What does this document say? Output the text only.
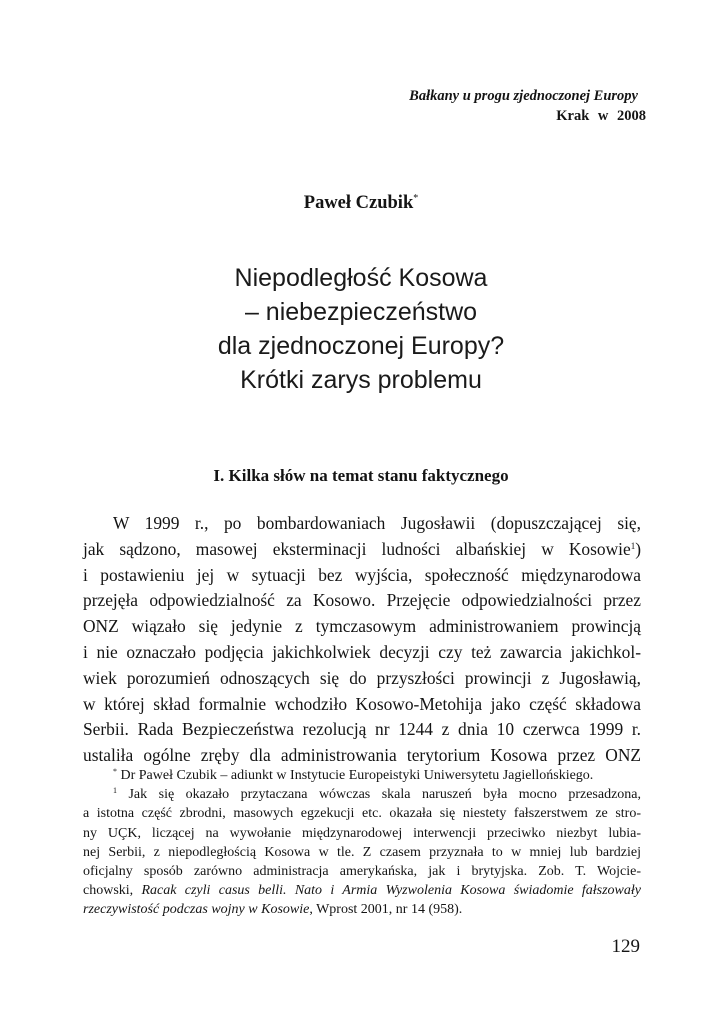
Bałkany u progu zjednoczonej Europy
Krak w 2008
Paweł Czubik*
Niepodległość Kosowa
– niebezpieczeństwo
dla zjednoczonej Europy?
Krótki zarys problemu
I. Kilka słów na temat stanu faktycznego
W 1999 r., po bombardowaniach Jugosławii (dopuszczającej się,
jak sądzono, masowej eksterminacji ludności albańskiej w Kosowie$^1$)
i postawieniu jej w sytuacji bez wyjścia, społeczność międzynarodowa
przejęła odpowiedzialność za Kosowo. Przejęcie odpowiedzialności przez
ONZ wiązało się jedynie z tymczasowym administrowaniem prowincją
i nie oznaczało podjęcia jakichkolwiek decyzji czy też zawarcia jakichkol-
wiek porozumień odnoszących się do przyszłości prowincji z Jugosławią,
w której skład formalnie wchodziło Kosowo-Metohija jako część składowa
Serbii. Rada Bezpieczeństwa rezolucją nr 1244 z dnia 10 czerwca 1999 r.
ustaliła ogólne zręby dla administrowania terytorium Kosowa przez ONZ
* Dr Paweł Czubik – adiunkt w Instytucie Europeistyki Uniwersytetu Jagiellońskiego.
$^1$ Jak się okazało przytaczana wówczas skala naruszeń była mocno przesadzona,
a istotna część zbrodni, masowych egzekucji etc. okazała się niestety fałszerstwem ze stro-
ny UÇK, liczącej na wywołanie międzynarodowej interwencji przeciwko niezbyt lubia-
nej Serbii, z niepodległością Kosowa w tle. Z czasem przyznała to w mniej lub bardziej
oficjalny sposób zarówno administracja amerykańska, jak i brytyjska. Zob. T. Wojcie-
chowski, Racak czyli casus belli. Nato i Armia Wyzwolenia Kosowa świadomie fałszowały
rzeczywistość podczas wojny w Kosowie, Wprost 2001, nr 14 (958).
129
